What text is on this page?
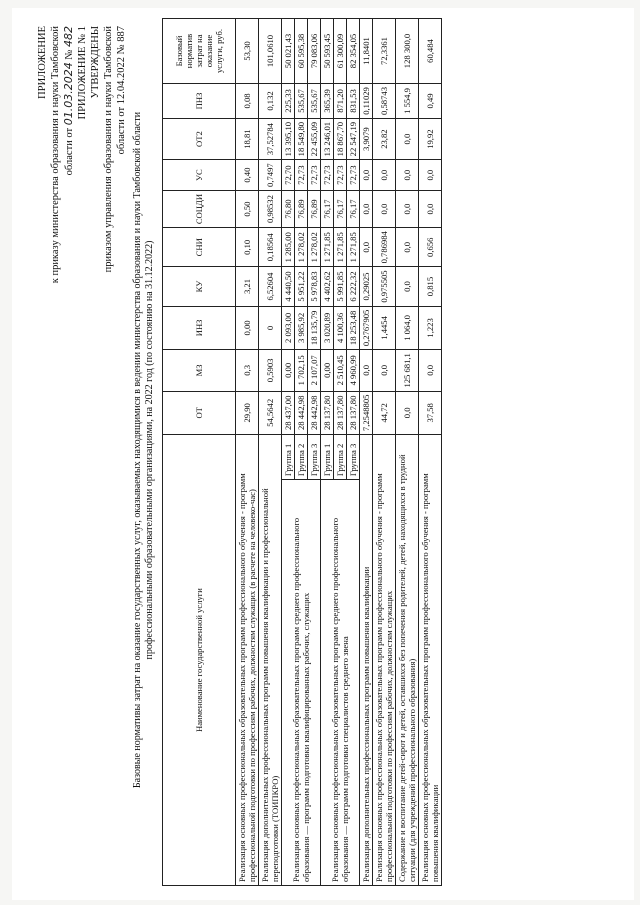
ПРИЛОЖЕНИЕ к приказу министерства образования и науки Тамбовской области от 01.03.2024 № 482 ПРИЛОЖЕНИЕ № 1 УТВЕРЖДЕНЫ приказом управления образования и науки Тамбовской области от 12.04.2022 № 887
Базовые нормативы затрат на оказание государственных услуг, оказываемых находящимися в ведении министерства образования и науки Тамбовской области профессиональными образовательными организациями, на 2022 год (по состоянию на 31.12.2022)
Наименование государственной услуги		ОТ	МЗ	ИНЗ	КУ	СНИ	СОЦДИ	УС	ОТ2	ПНЗ	Базовый норматив затрат на оказание услуги, руб.
Реализация основных профессиональных образовательных программ профессионального обучения - программ профессиональной подготовки по профессиям рабочих, должностям служащих (в расчете на человеко-час)		29,90	0,3	0,00	3,21	0,10	0,50	0,40	18,81	0,08	53,30
Реализация дополнительных профессиональных программ повышения квалификации и профессиональной переподготовки (ТОИПКРО)		54,5642	0,5903	0	6,52604	0,18564	0,98532	0,7497	37,52784	0,132	101,0610
Реализация основных профессиональных образовательных программ среднего профессионального образования — программ подготовки квалифицированных рабочих, служащих	Группа 1	28 437,00	0,00	2 093,00	4 440,50	1 285,00	76,80	72,70	13 395,10	225,33	50 021,43
	Группа 2	28 442,98	1 702,15	3 985,92	5 951,22	1 278,02	76,89	72,73	18 549,80	535,67	60 595,38
	Группа 3	28 442,98	2 107,07	18 135,79	5 978,83	1 278,02	76,89	72,73	22 455,09	535,67	79 083,06
Реализация основных профессиональных образовательных программ среднего профессионального образования — программ подготовки специалистов среднего звена	Группа 1	28 137,80	0,00	3 020,89	4 402,62	1 271,85	76,17	72,73	13 246,01	365,39	50 593,45
	Группа 2	28 137,80	2 510,45	4 100,36	5 991,85	1 271,85	76,17	72,73	18 867,70	871,20	61 300,09
	Группа 3	28 137,80	4 960,99	18 253,48	6 222,32	1 271,85	76,17	72,73	22 547,19	831,53	82 354,05
Реализация дополнительных профессиональных программ повышения квалификации		7,2548805	0,0	0,2767905	0,29025	0,0	0,0	0,0	3,9079	0,11029	11,8401
Реализация основных профессиональных образовательных программ профессионального обучения - программ профессиональной подготовки по профессиям рабочих, должностям служащих		44,72	0,0	1,4454	0,975505	0,786984	0,0	0,0	23,82	0,58743	72,3361
Содержание и воспитание детей-сирот и детей, оставшихся без попечения родителей, детей, находящихся в трудной ситуации (для учреждений профессионального образования)		0,0	125 681,1	1 064,0	0,0	0,0	0,0	0,0	0,0	1 554,9	128 300,0
Реализация основных профессиональных образовательных программ профессионального обучения - программ повышения квалификации		37,58	0,0	1,223	0,815	0,656	0,0	0,0	19,92	0,49	60,484
